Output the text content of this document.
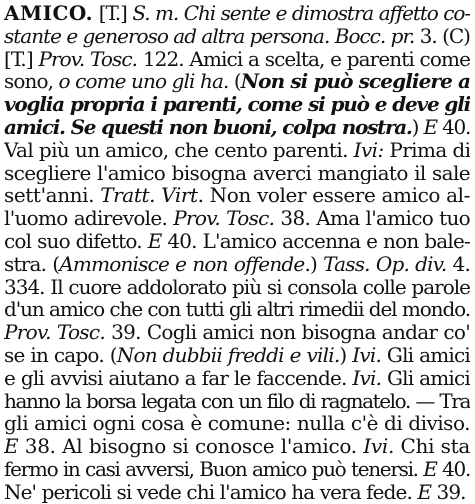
AMICO. [T.] S. m. Chi sente e dimostra affetto co-
stante e generoso ad altra persona. Bocc. pr. 3. (C)
[T.] Prov. Tosc. 122. Amici a scelta, e parenti come
sono, o come uno gli ha. (Non si può scegliere a
voglia propria i parenti, come si può e deve gli
amici. Se questi non buoni, colpa nostra.) E 40.
Val più un amico, che cento parenti. Ivi: Prima di
scegliere l'amico bisogna averci mangiato il sale
sett'anni. Tratt. Virt. Non voler essere amico al-
l'uomo adirevole. Prov. Tosc. 38. Ama l'amico tuo
col suo difetto. E 40. L'amico accenna e non bale-
stra. (Ammonisce e non offende.) Tass. Op. div. 4.
334. Il cuore addolorato più si consola colle parole
d'un amico che con tutti gli altri rimedii del mondo.
Prov. Tosc. 39. Cogli amici non bisogna andar co'
se in capo. (Non dubbii freddi e vili.) Ivi. Gli amici
e gli avvisi aiutano a far le faccende. Ivi. Gli amici
hanno la borsa legata con un filo di ragnatelo. — Tra
gli amici ogni cosa è comune: nulla c'è di diviso.
E 38. Al bisogno si conosce l'amico. Ivi. Chi sta
fermo in casi avversi, Buon amico può tenersi. E 40.
Ne' pericoli si vede chi l'amico ha vera fede. E 39.
